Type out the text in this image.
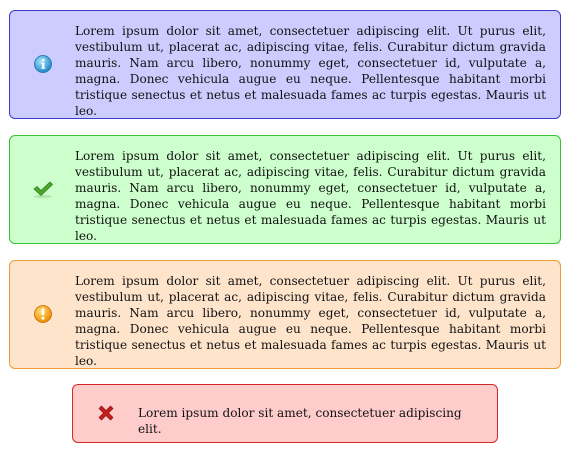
Lorem ipsum dolor sit amet, consectetuer adipiscing elit. Ut purus elit, vestibulum ut, placerat ac, adipiscing vitae, felis. Curabitur dictum gravida mauris. Nam arcu libero, nonummy eget, consectetuer id, vulputate a, magna. Donec vehicula augue eu neque. Pellentesque habitant morbi tristique senectus et netus et malesuada fames ac turpis egestas. Mauris ut leo.
Lorem ipsum dolor sit amet, consectetuer adipiscing elit. Ut purus elit, vestibulum ut, placerat ac, adipiscing vitae, felis. Curabitur dictum gravida mauris. Nam arcu libero, nonummy eget, consectetuer id, vulputate a, magna. Donec vehicula augue eu neque. Pellentesque habitant morbi tristique senectus et netus et malesuada fames ac turpis egestas. Mauris ut leo.
Lorem ipsum dolor sit amet, consectetuer adipiscing elit. Ut purus elit, vestibulum ut, placerat ac, adipiscing vitae, felis. Curabitur dictum gravida mauris. Nam arcu libero, nonummy eget, consectetuer id, vulputate a, magna. Donec vehicula augue eu neque. Pellentesque habitant morbi tristique senectus et netus et malesuada fames ac turpis egestas. Mauris ut leo.
Lorem ipsum dolor sit amet, consectetuer adipiscing elit.
